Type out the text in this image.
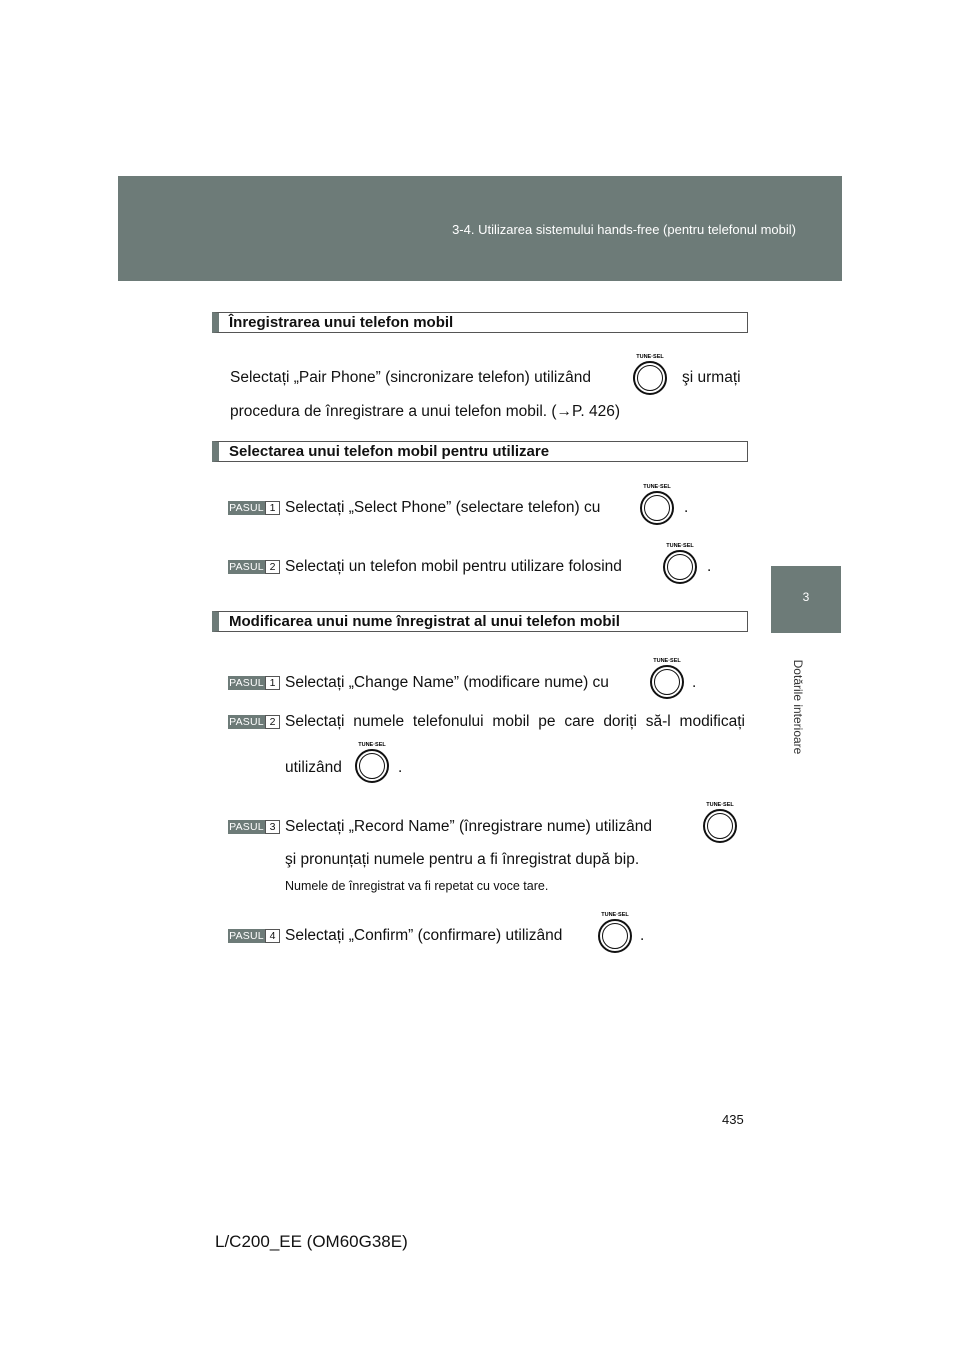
3-4. Utilizarea sistemului hands-free (pentru telefonul mobil)
3
Dotările interioare
Înregistrarea unui telefon mobil
Selectați „Pair Phone” (sincronizare telefon) utilizând
TUNE·SEL
şi urmați
procedura de înregistrare a unui telefon mobil. (→P. 426)
Selectarea unui telefon mobil pentru utilizare
PASUL 1 Selectați „Select Phone” (selectare telefon) cu
TUNE·SEL
.
PASUL 2 Selectați un telefon mobil pentru utilizare folosind
TUNE·SEL
.
Modificarea unui nume înregistrat al unui telefon mobil
PASUL 1 Selectați „Change Name” (modificare nume) cu
TUNE·SEL
.
PASUL 2 Selectați numele telefonului mobil pe care doriți să-l modificați
utilizând
TUNE·SEL
.
PASUL 3 Selectați „Record Name” (înregistrare nume) utilizând
TUNE·SEL
şi pronunțați numele pentru a fi înregistrat după bip.
Numele de înregistrat va fi repetat cu voce tare.
PASUL 4 Selectați „Confirm” (confirmare) utilizând
TUNE·SEL
.
435
L/C200_EE (OM60G38E)
